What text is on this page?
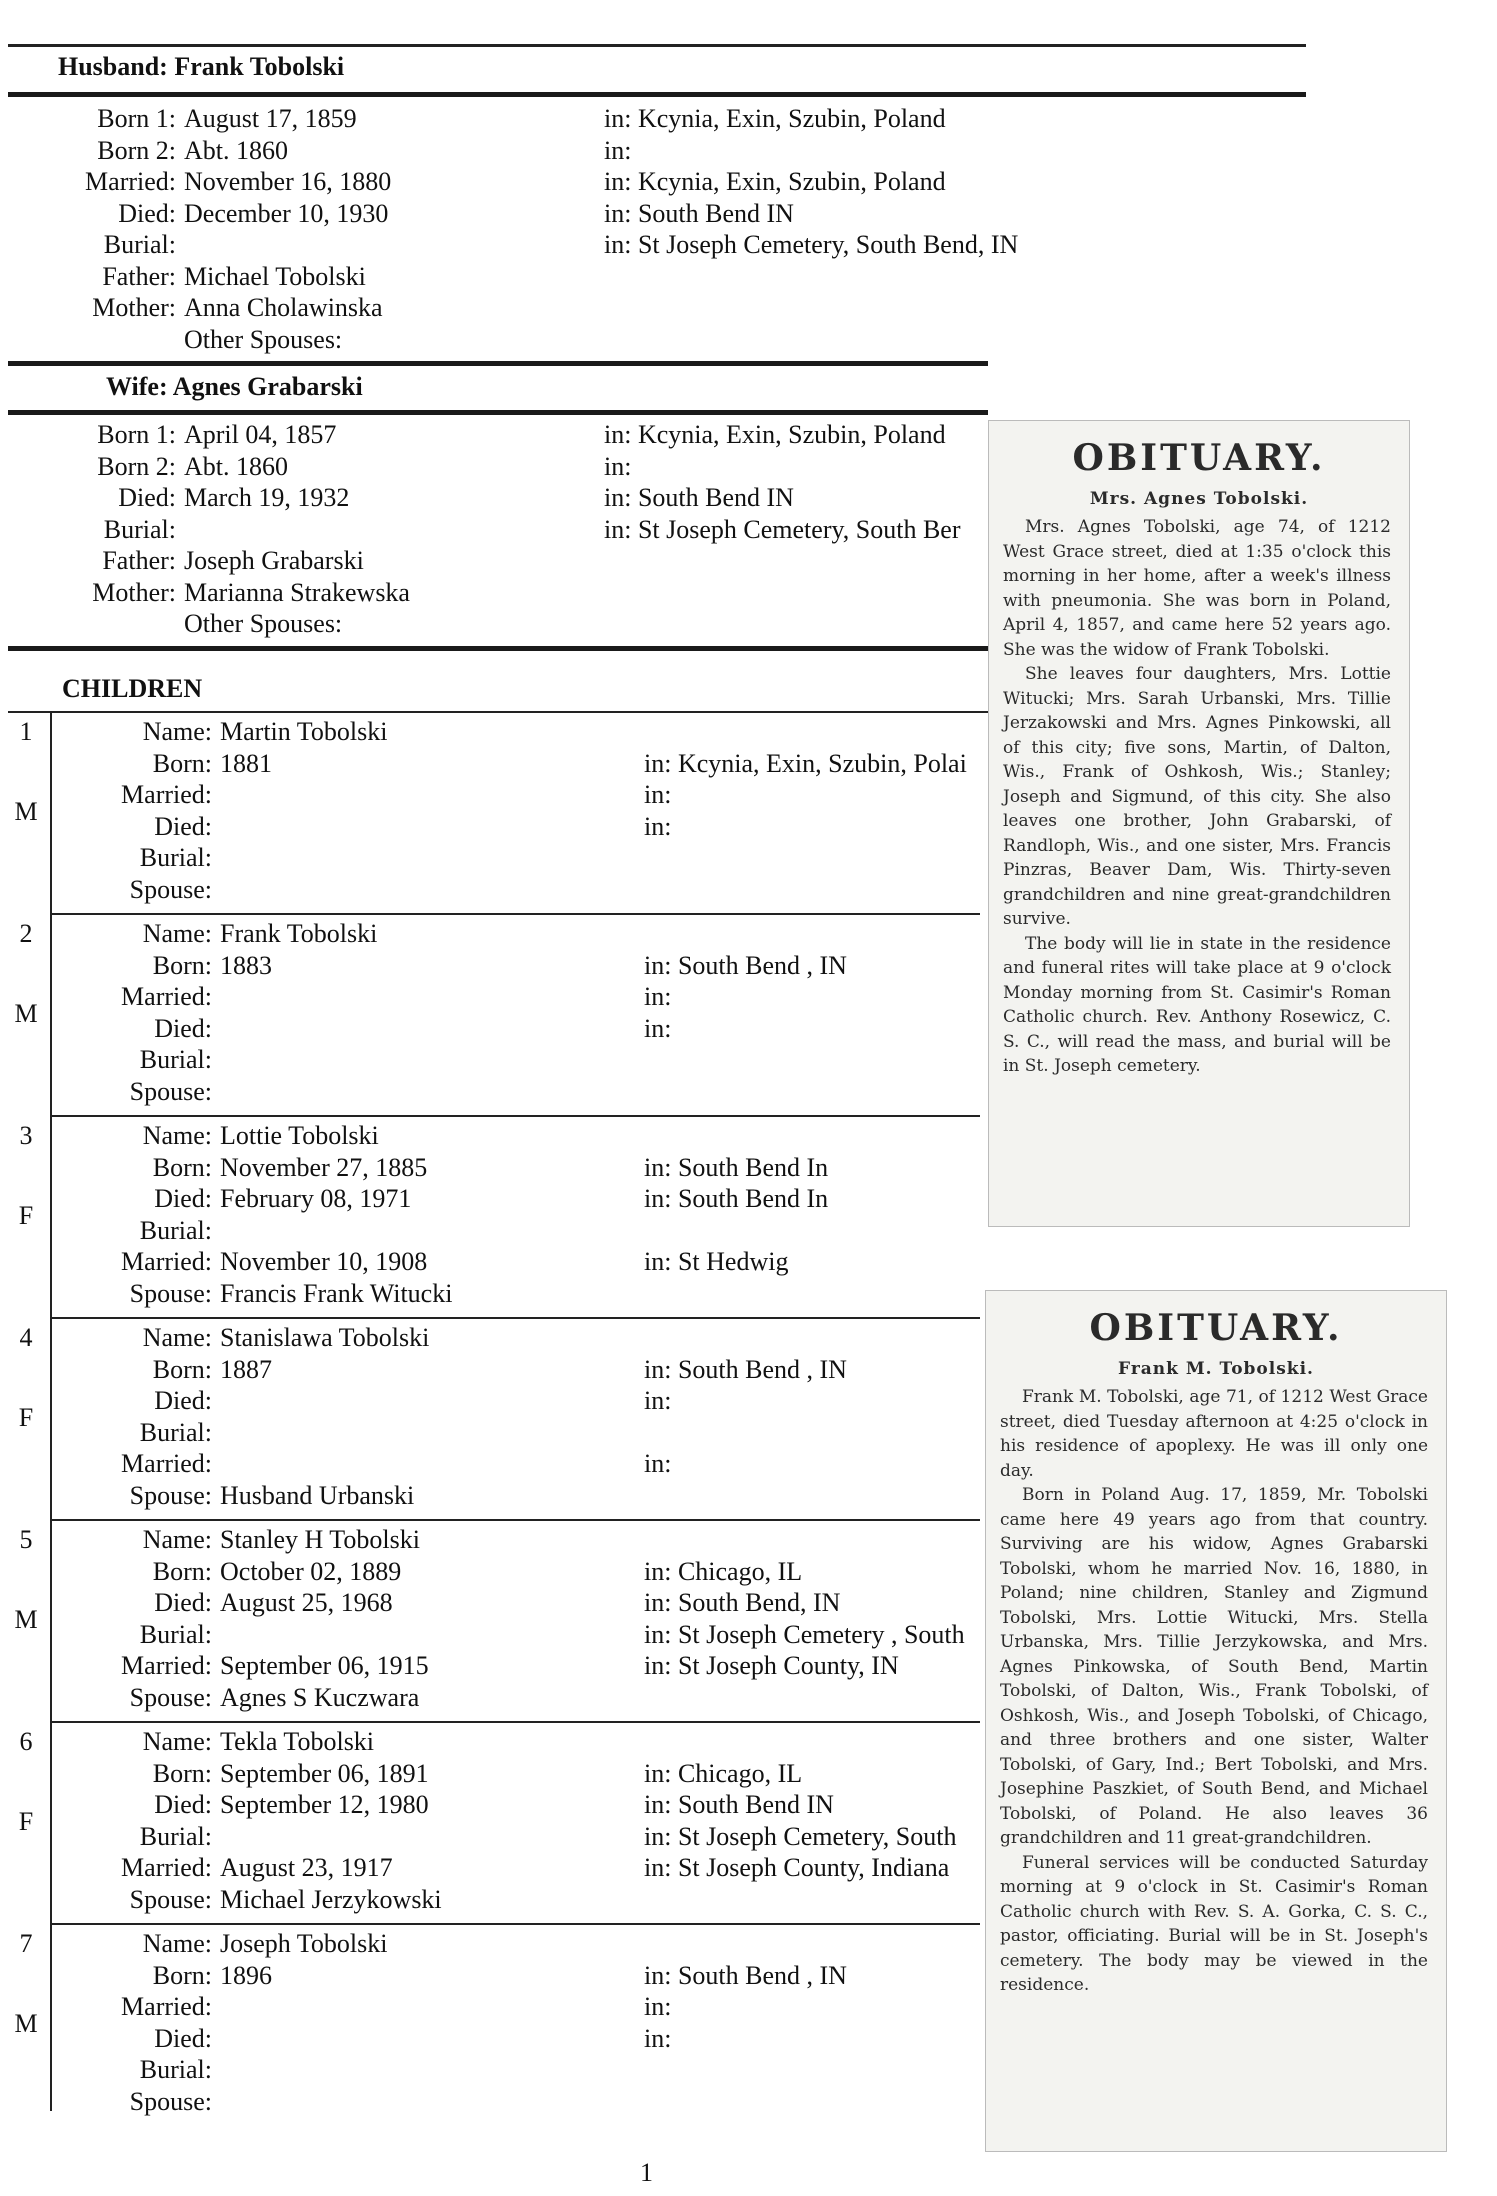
Husband: Frank Tobolski
Born 1: August 17, 1859	in: Kcynia, Exin, Szubin, Poland
Born 2: Abt. 1860	in:
Married: November 16, 1880	in: Kcynia, Exin, Szubin, Poland
Died: December 10, 1930	in: South Bend IN
Burial:	in: St Joseph Cemetery, South Bend, IN
Father: Michael Tobolski
Mother: Anna Cholawinska
Other Spouses:
Wife: Agnes Grabarski
Born 1: April 04, 1857	in: Kcynia, Exin, Szubin, Poland
Born 2: Abt. 1860	in:
Died: March 19, 1932	in: South Bend IN
Burial:	in: St Joseph Cemetery, South Ber
Father: Joseph Grabarski
Mother: Marianna Strakewska
Other Spouses:
CHILDREN
1
M
Name: Martin Tobolski
Born: 1881	in: Kcynia, Exin, Szubin, Polai
Married:	in:
Died:	in:
Burial:
Spouse:
2
M
Name: Frank Tobolski
Born: 1883	in: South Bend , IN
Married:	in:
Died:	in:
Burial:
Spouse:
3
F
Name: Lottie Tobolski
Born: November 27, 1885	in: South Bend In
Died: February 08, 1971	in: South Bend In
Burial:
Married: November 10, 1908	in: St Hedwig
Spouse: Francis Frank Witucki
4
F
Name: Stanislawa Tobolski
Born: 1887	in: South Bend , IN
Died:	in:
Burial:
Married:	in:
Spouse: Husband Urbanski
5
M
Name: Stanley H Tobolski
Born: October 02, 1889	in: Chicago, IL
Died: August 25, 1968	in: South Bend, IN
Burial:	in: St Joseph Cemetery , South
Married: September 06, 1915	in: St Joseph County, IN
Spouse: Agnes S Kuczwara
6
F
Name: Tekla Tobolski
Born: September 06, 1891	in: Chicago, IL
Died: September 12, 1980	in: South Bend IN
Burial:	in: St Joseph Cemetery, South
Married: August 23, 1917	in: St Joseph County, Indiana
Spouse: Michael Jerzykowski
7
M
Name: Joseph Tobolski
Born: 1896	in: South Bend , IN
Married:	in:
Died:	in:
Burial:
Spouse:
OBITUARY.
Mrs. Agnes Tobolski.

Mrs. Agnes Tobolski, age 74, of 1212 West Grace street, died at 1:35 o'clock this morning in her home, after a week's illness with pneumonia. She was born in Poland, April 4, 1857, and came here 52 years ago. She was the widow of Frank Tobolski.

She leaves four daughters, Mrs. Lottie Witucki; Mrs. Sarah Urbanski, Mrs. Tillie Jerzakowski and Mrs. Agnes Pinkowski, all of this city; five sons, Martin, of Dalton, Wis., Frank of Oshkosh, Wis.; Stanley; Joseph and Sigmund, of this city. She also leaves one brother, John Grabarski, of Randloph, Wis., and one sister, Mrs. Francis Pinzras, Beaver Dam, Wis. Thirty-seven grandchildren and nine great-grandchildren survive.

The body will lie in state in the residence and funeral rites will take place at 9 o'clock Monday morning from St. Casimir's Roman Catholic church. Rev. Anthony Rosewicz, C. S. C., will read the mass, and burial will be in St. Joseph cemetery.

OBITUARY.
Frank M. Tobolski.

Frank M. Tobolski, age 71, of 1212 West Grace street, died Tuesday afternoon at 4:25 o'clock in his residence of apoplexy. He was ill only one day.

Born in Poland Aug. 17, 1859, Mr. Tobolski came here 49 years ago from that country. Surviving are his widow, Agnes Grabarski Tobolski, whom he married Nov. 16, 1880, in Poland; nine children, Stanley and Zigmund Tobolski, Mrs. Lottie Witucki, Mrs. Stella Urbanska, Mrs. Tillie Jerzykowska, and Mrs. Agnes Pinkowska, of South Bend, Martin Tobolski, of Dalton, Wis., Frank Tobolski, of Oshkosh, Wis., and Joseph Tobolski, of Chicago, and three brothers and one sister, Walter Tobolski, of Gary, Ind.; Bert Tobolski, and Mrs. Josephine Paszkiet, of South Bend, and Michael Tobolski, of Poland. He also leaves 36 grandchildren and 11 great-grandchildren.

Funeral services will be conducted Saturday morning at 9 o'clock in St. Casimir's Roman Catholic church with Rev. S. A. Gorka, C. S. C., pastor, officiating. Burial will be in St. Joseph's cemetery. The body may be viewed in the residence.

1
